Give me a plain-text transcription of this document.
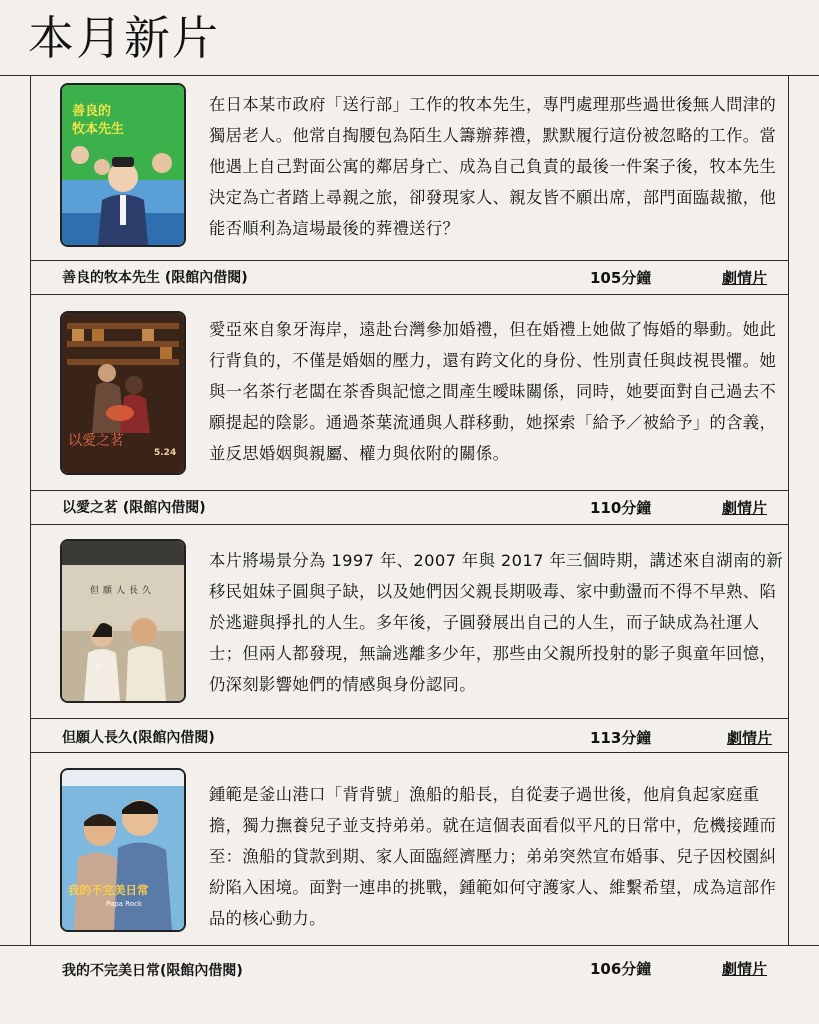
本月新片
善良的
牧本先生

在日本某市政府「送行部」工作的牧本先生，專門處理那些過世後無人問津的獨居老人。他常自掏腰包為陌生人籌辦葬禮，默默履行這份被忽略的工作。當他遇上自己對面公寓的鄰居身亡、成為自己負責的最後一件案子後，牧本先生決定為亡者踏上尋親之旅，卻發現家人、親友皆不願出席，部門面臨裁撤，他能否順利為這場最後的葬禮送行？

善良的牧本先生 (限館內借閱)	105分鐘	劇情片
以愛之茗
5.24

愛亞來自象牙海岸，遠赴台灣參加婚禮，但在婚禮上她做了悔婚的舉動。她此行背負的，不僅是婚姻的壓力，還有跨文化的身份、性別責任與歧視畏懼。她與一名茶行老闆在茶香與記憶之間產生曖昧關係，同時，她要面對自己過去不願提起的陰影。通過茶葉流通與人群移動，她探索「給予／被給予」的含義，並反思婚姻與親屬、權力與依附的關係。

以愛之茗 (限館內借閱)	110分鐘	劇情片
但願人長久

本片將場景分為 1997 年、2007 年與 2017 年三個時期，講述來自湖南的新移民姐妹子圓與子缺，以及她們因父親長期吸毒、家中動盪而不得不早熟、陷於逃避與掙扎的人生。多年後，子圓發展出自己的人生，而子缺成為社運人士；但兩人都發現，無論逃離多少年，那些由父親所投射的影子與童年回憶，仍深刻影響她們的情感與身份認同。

但願人長久(限館內借閱)	113分鐘	劇情片
我的不完美日常
Papa Rock

鍾範是釜山港口「背背號」漁船的船長，自從妻子過世後，他肩負起家庭重擔，獨力撫養兒子並支持弟弟。就在這個表面看似平凡的日常中，危機接踵而至：漁船的貸款到期、家人面臨經濟壓力；弟弟突然宣布婚事、兒子因校園糾紛陷入困境。面對一連串的挑戰，鍾範如何守護家人、維繫希望，成為這部作品的核心動力。

我的不完美日常(限館內借閱)	106分鐘	劇情片
